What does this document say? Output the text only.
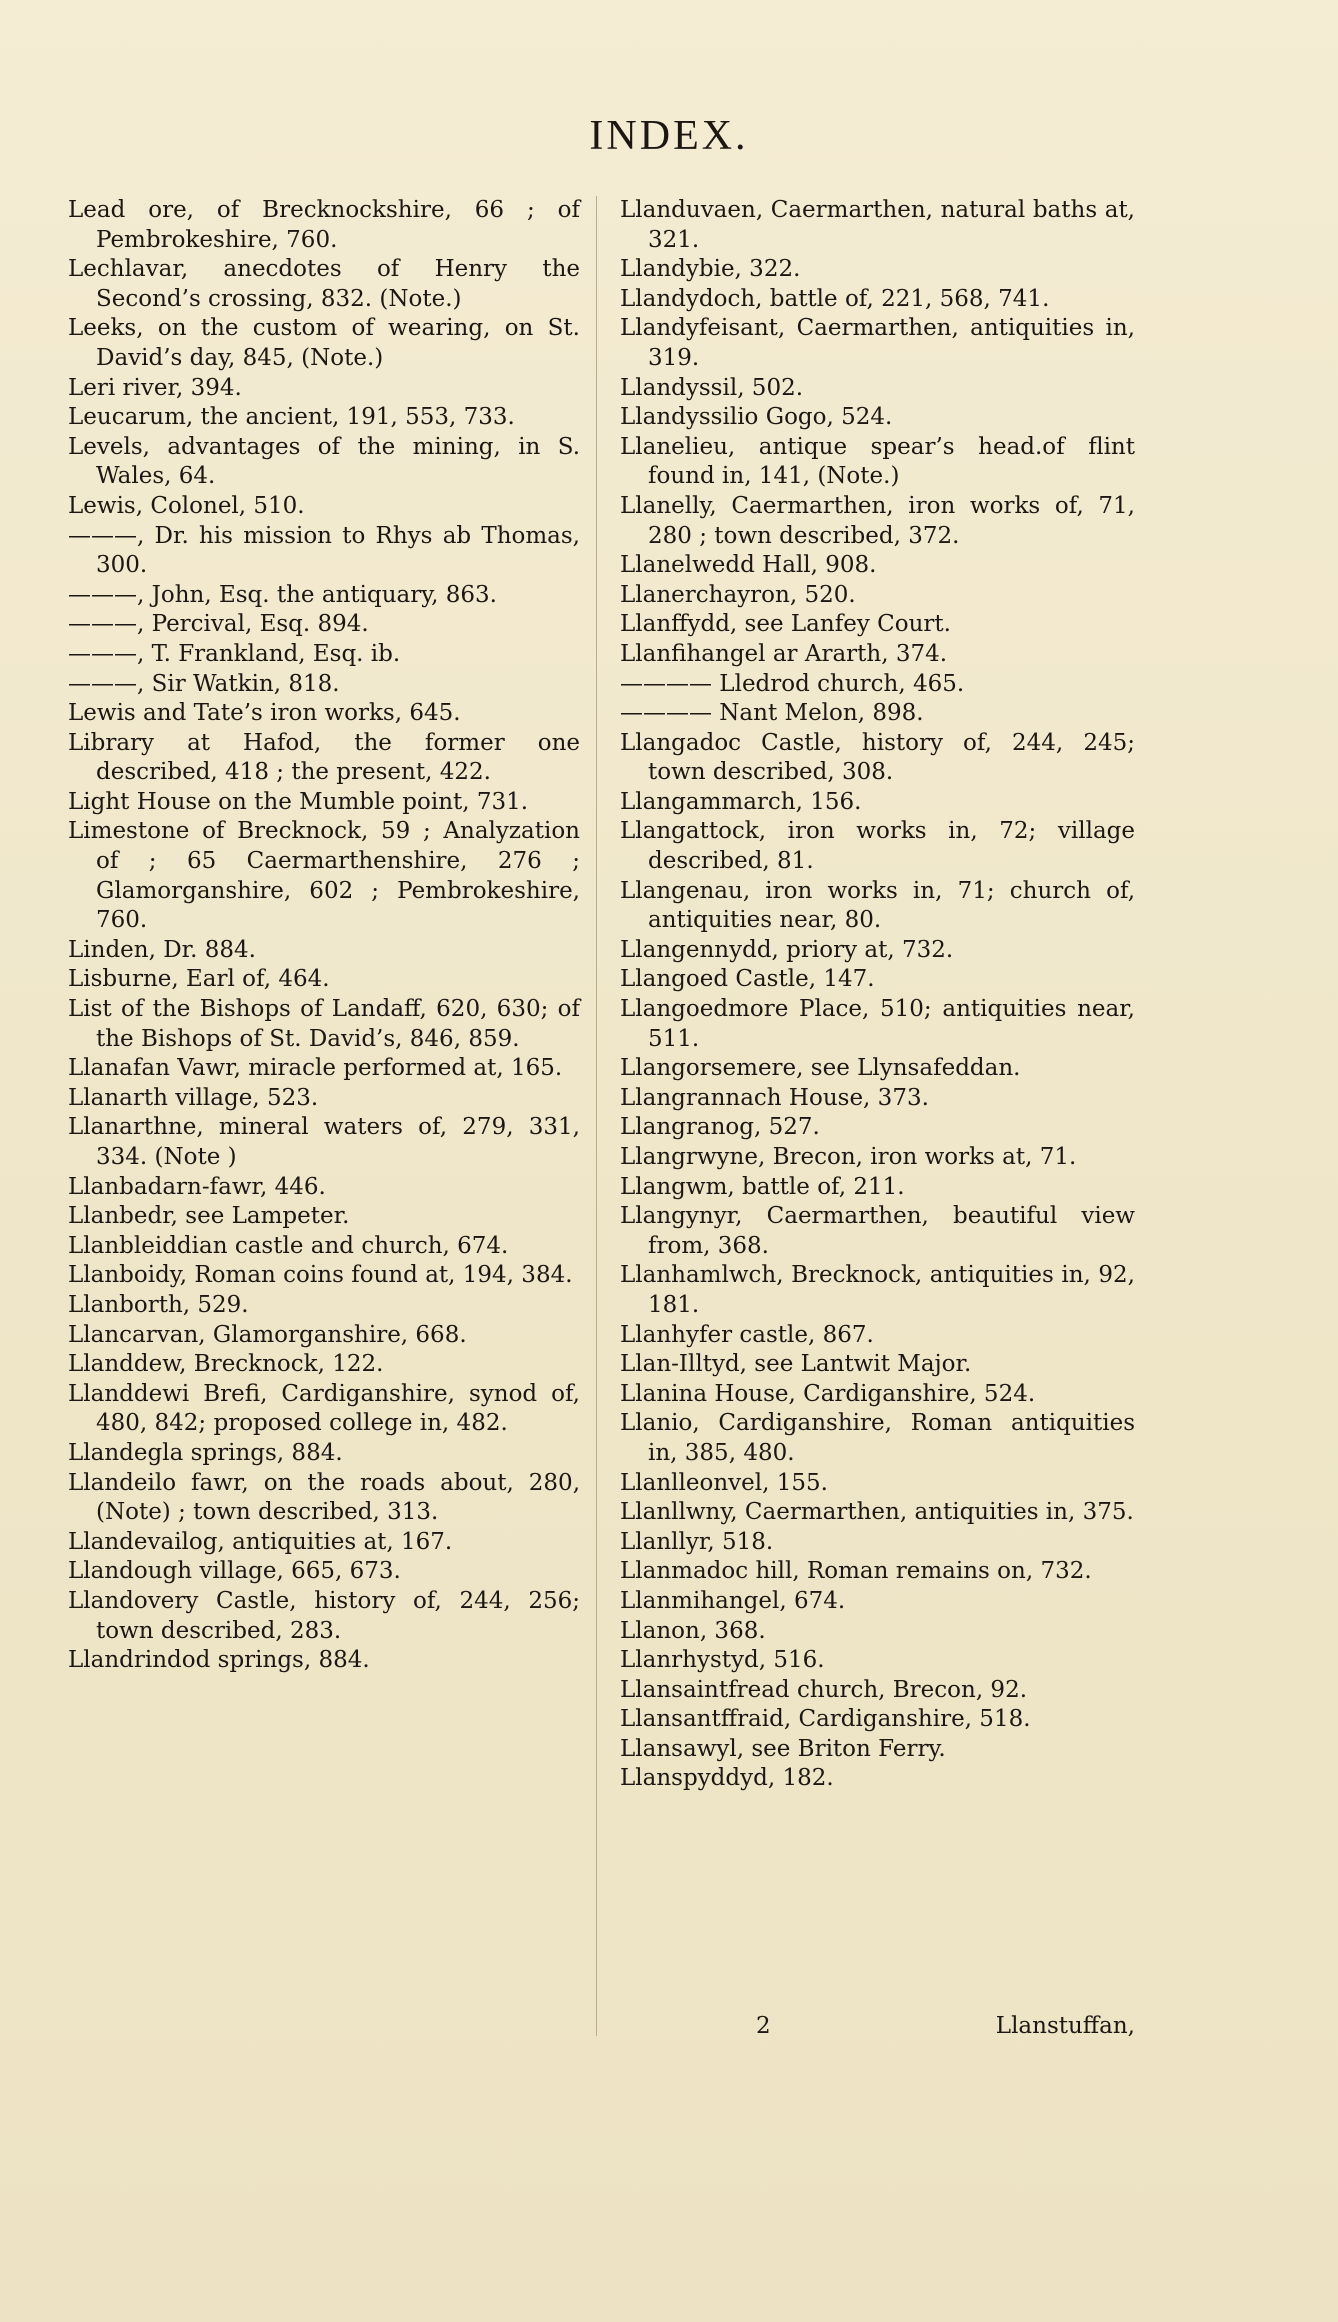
INDEX.

Lead ore, of Brecknockshire, 66 ; of Pembrokeshire, 760.

Lechlavar, anecdotes of Henry the Second’s crossing, 832. (Note.)

Leeks, on the custom of wearing, on St. David’s day, 845, (Note.)

Leri river, 394.

Leucarum, the ancient, 191, 553, 733.

Levels, advantages of the mining, in S. Wales, 64.

Lewis, Colonel, 510.

———, Dr. his mission to Rhys ab Thomas, 300.

———, John, Esq. the antiquary, 863.

———, Percival, Esq. 894.

———, T. Frankland, Esq. ib.

———, Sir Watkin, 818.

Lewis and Tate’s iron works, 645.

Library at Hafod, the former one described, 418 ; the present, 422.

Light House on the Mumble point, 731.

Limestone of Brecknock, 59 ; Analyzation of ; 65 Caermarthenshire, 276 ; Glamorganshire, 602 ; Pembrokeshire, 760.

Linden, Dr. 884.

Lisburne, Earl of, 464.

List of the Bishops of Landaff, 620, 630; of the Bishops of St. David’s, 846, 859.

Llanafan Vawr, miracle performed at, 165.

Llanarth village, 523.

Llanarthne, mineral waters of, 279, 331, 334. (Note )

Llanbadarn-fawr, 446.

Llanbedr, see Lampeter.

Llanbleiddian castle and church, 674.

Llanboidy, Roman coins found at, 194, 384.

Llanborth, 529.

Llancarvan, Glamorganshire, 668.

Llanddew, Brecknock, 122.

Llanddewi Brefi, Cardiganshire, synod of, 480, 842; proposed college in, 482.

Llandegla springs, 884.

Llandeilo fawr, on the roads about, 280, (Note) ; town described, 313.

Llandevailog, antiquities at, 167.

Llandough village, 665, 673.

Llandovery Castle, history of, 244, 256; town described, 283.

Llandrindod springs, 884.

Llanduvaen, Caermarthen, natural baths at, 321.

Llandybie, 322.

Llandydoch, battle of, 221, 568, 741.

Llandyfeisant, Caermarthen, antiquities in, 319.

Llandyssil, 502.

Llandyssilio Gogo, 524.

Llanelieu, antique spear’s head.of flint found in, 141, (Note.)

Llanelly, Caermarthen, iron works of, 71, 280 ; town described, 372.

Llanelwedd Hall, 908.

Llanerchayron, 520.

Llanffydd, see Lanfey Court.

Llanfihangel ar Ararth, 374.

———— Lledrod church, 465.

———— Nant Melon, 898.

Llangadoc Castle, history of, 244, 245; town described, 308.

Llangammarch, 156.

Llangattock, iron works in, 72; village described, 81.

Llangenau, iron works in, 71; church of, antiquities near, 80.

Llangennydd, priory at, 732.

Llangoed Castle, 147.

Llangoedmore Place, 510; antiquities near, 511.

Llangorsemere, see Llynsafeddan.

Llangrannach House, 373.

Llangranog, 527.

Llangrwyne, Brecon, iron works at, 71.

Llangwm, battle of, 211.

Llangynyr, Caermarthen, beautiful view from, 368.

Llanhamlwch, Brecknock, antiquities in, 92, 181.

Llanhyfer castle, 867.

Llan-Illtyd, see Lantwit Major.

Llanina House, Cardiganshire, 524.

Llanio, Cardiganshire, Roman antiquities in, 385, 480.

Llanlleonvel, 155.

Llanllwny, Caermarthen, antiquities in, 375.

Llanllyr, 518.

Llanmadoc hill, Roman remains on, 732.

Llanmihangel, 674.

Llanon, 368.

Llanrhystyd, 516.

Llansaintfread church, Brecon, 92.

Llansantffraid, Cardiganshire, 518.

Llansawyl, see Briton Ferry.

Llanspyddyd, 182.

2	Llanstuffan,
